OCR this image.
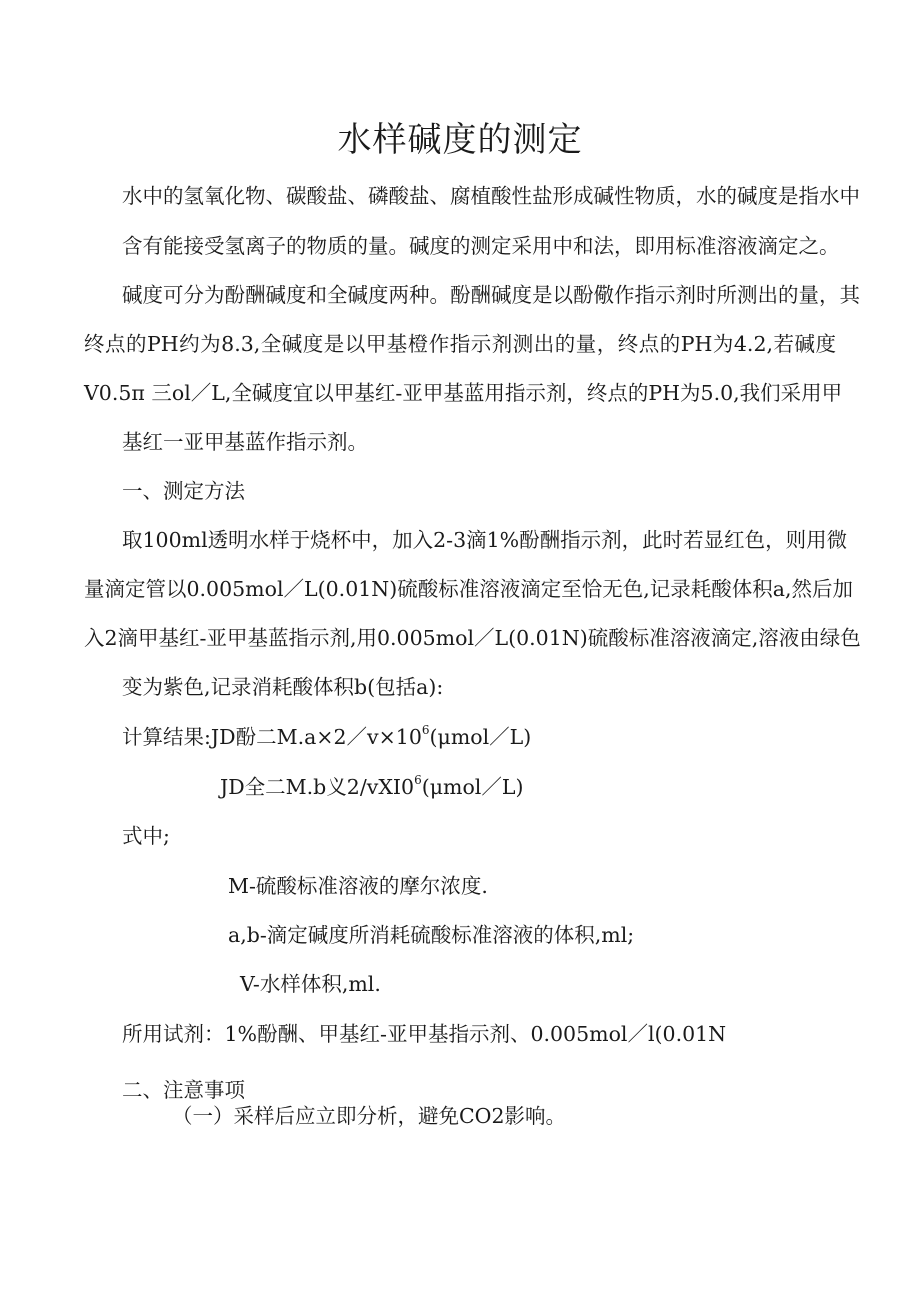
水样碱度的测定

水中的氢氧化物、碳酸盐、磷酸盐、腐植酸性盐形成碱性物质，水的碱度是指水中

含有能接受氢离子的物质的量。碱度的测定采用中和法，即用标准溶液滴定之。

碱度可分为酚酬碱度和全碱度两种。酚酬碱度是以酚儆作指示剂时所测出的量，其

终点的PH约为8.3,全碱度是以甲基橙作指示剂测出的量，终点的PH为4.2,若碱度

V0.5π 三ol／L,全碱度宜以甲基红-亚甲基蓝用指示剂，终点的PH为5.0,我们采用甲

基红一亚甲基蓝作指示剂。

一、测定方法

取100ml透明水样于烧杯中，加入2-3滴1%酚酬指示剂，此时若显红色，则用微

量滴定管以0.005mol／L(0.01N)硫酸标准溶液滴定至恰无色,记录耗酸体积a,然后加

入2滴甲基红-亚甲基蓝指示剂,用0.005mol／L(0.01N)硫酸标准溶液滴定,溶液由绿色

变为紫色,记录消耗酸体积b(包括a):

计算结果:JD酚二$M.a\times 2/v\times 10^6(\mu mol/L)$

JD全二M.b义$2/vXI0^6(\mu mol/L)$

式中;

M-硫酸标准溶液的摩尔浓度.

a,b-滴定碱度所消耗硫酸标准溶液的体积,ml;

V-水样体积,ml.

所用试剂：1%酚酬、甲基红-亚甲基指示剂、0.005mol／l(0.01N

二、注意事项

（一）采样后应立即分析，避免CO2影响。
